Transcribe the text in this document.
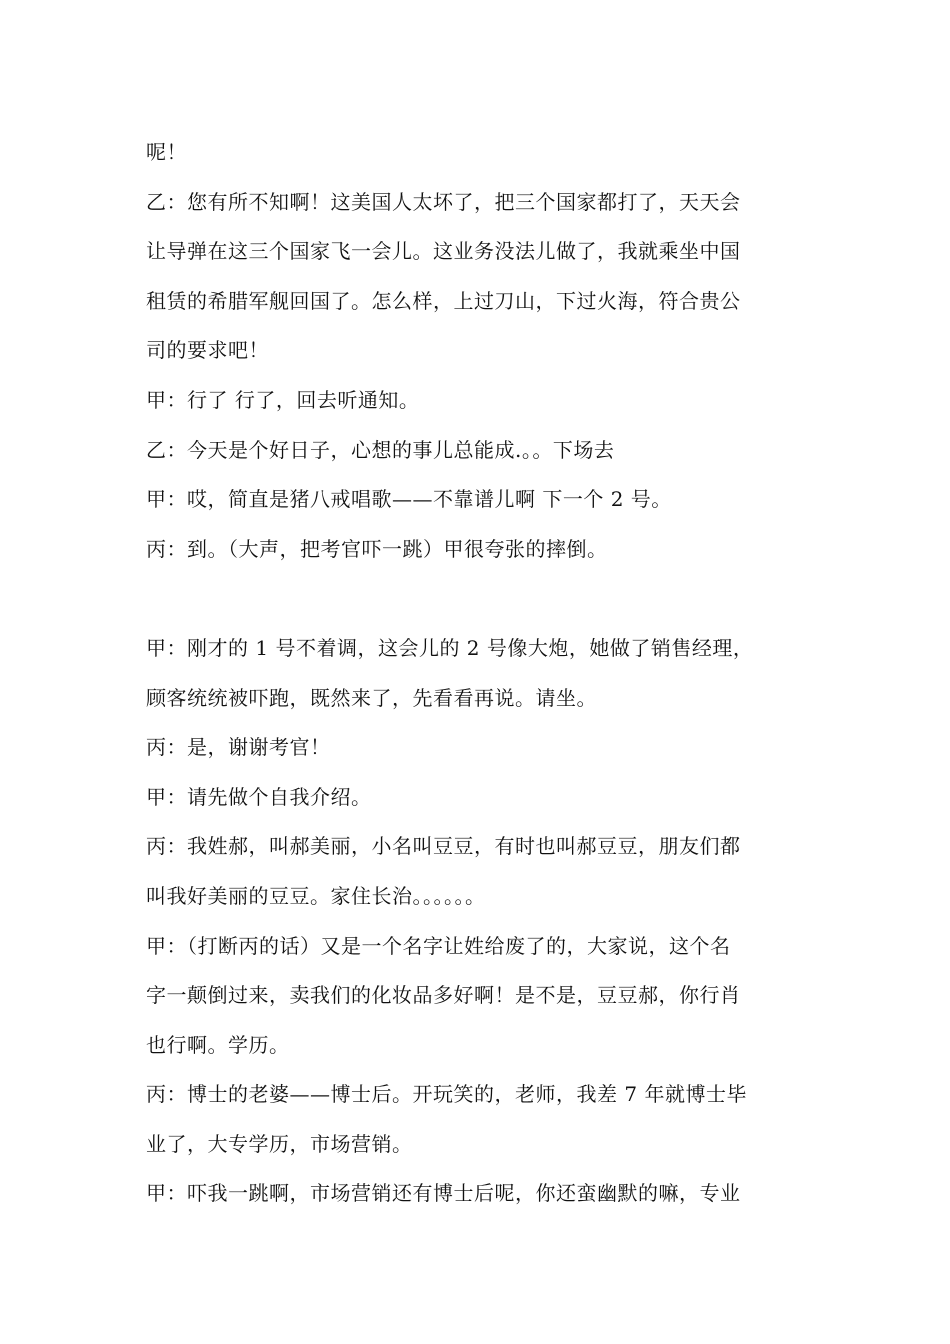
呢！
乙：您有所不知啊！这美国人太坏了，把三个国家都打了，天天会
让导弹在这三个国家飞一会儿。这业务没法儿做了，我就乘坐中国
租赁的希腊军舰回国了。怎么样，上过刀山，下过火海，符合贵公
司的要求吧！
甲：行了 行了，回去听通知。
乙：今天是个好日子，心想的事儿总能成.。。下场去
甲：哎，简直是猪八戒唱歌——不靠谱儿啊 下一个 2 号。
丙：到。（大声，把考官吓一跳）甲很夸张的摔倒。
甲：刚才的 1 号不着调，这会儿的 2 号像大炮，她做了销售经理，
顾客统统被吓跑，既然来了，先看看再说。请坐。
丙：是，谢谢考官！
甲：请先做个自我介绍。
丙：我姓郝，叫郝美丽，小名叫豆豆，有时也叫郝豆豆，朋友们都
叫我好美丽的豆豆。家住长治。。。。。。
甲：（打断丙的话）又是一个名字让姓给废了的，大家说，这个名
字一颠倒过来，卖我们的化妆品多好啊！是不是，豆豆郝，你行肖
也行啊。学历。
丙：博士的老婆——博士后。开玩笑的，老师，我差 7 年就博士毕
业了，大专学历，市场营销。
甲：吓我一跳啊，市场营销还有博士后呢，你还蛮幽默的嘛，专业
